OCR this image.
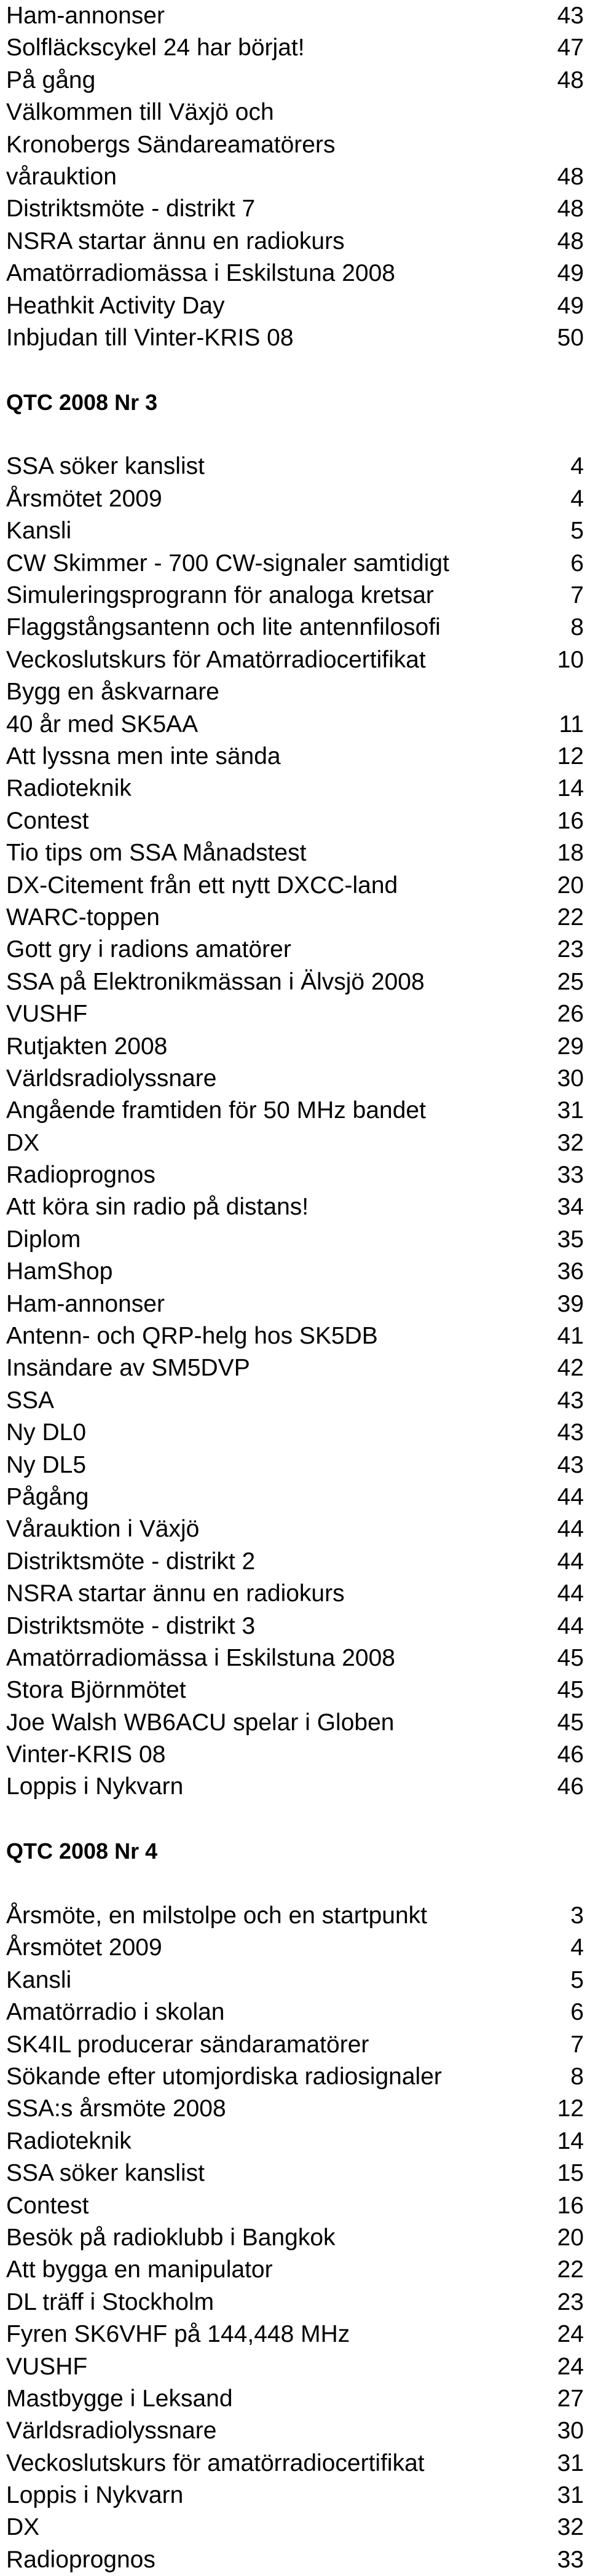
Ham-annonser	43
Solfläckscykel 24 har börjat!	47
På gång	48
Välkommen till Växjö och
Kronobergs Sändareamatörers
vårauktion	48
Distriktsmöte - distrikt 7	48
NSRA startar ännu en radiokurs	48
Amatörradiomässa i Eskilstuna 2008	49
Heathkit Activity Day	49
Inbjudan till Vinter-KRIS 08	50
QTC 2008 Nr 3
SSA söker kanslist	4
Årsmötet 2009	4
Kansli	5
CW Skimmer - 700 CW-signaler samtidigt	6
Simuleringsprogrann för analoga kretsar	7
Flaggstångsantenn och lite antennfilosofi	8
Veckoslutskurs för Amatörradiocertifikat	10
Bygg en åskvarnare
40 år med SK5AA	11
Att lyssna men inte sända	12
Radioteknik	14
Contest	16
Tio tips om SSA Månadstest	18
DX-Citement från ett nytt DXCC-land	20
WARC-toppen	22
Gott gry i radions amatörer	23
SSA på Elektronikmässan i Älvsjö 2008	25
VUSHF	26
Rutjakten 2008	29
Världsradiolyssnare	30
Angående framtiden för 50 MHz bandet	31
DX	32
Radioprognos	33
Att köra sin radio på distans!	34
Diplom	35
HamShop	36
Ham-annonser	39
Antenn- och QRP-helg hos SK5DB	41
Insändare av SM5DVP	42
SSA	43
Ny DL0	43
Ny DL5	43
Pågång	44
Vårauktion i Växjö	44
Distriktsmöte - distrikt 2	44
NSRA startar ännu en radiokurs	44
Distriktsmöte - distrikt 3	44
Amatörradiomässa i Eskilstuna 2008	45
Stora Björnmötet	45
Joe Walsh WB6ACU spelar i Globen	45
Vinter-KRIS 08	46
Loppis i Nykvarn	46
QTC 2008 Nr 4
Årsmöte, en milstolpe och en startpunkt	3
Årsmötet 2009	4
Kansli	5
Amatörradio i skolan	6
SK4IL producerar sändaramatörer	7
Sökande efter utomjordiska radiosignaler	8
SSA:s årsmöte 2008	12
Radioteknik	14
SSA söker kanslist	15
Contest	16
Besök på radioklubb i Bangkok	20
Att bygga en manipulator	22
DL träff i Stockholm	23
Fyren SK6VHF på 144,448 MHz	24
VUSHF	24
Mastbygge i Leksand	27
Världsradiolyssnare	30
Veckoslutskurs för amatörradiocertifikat	31
Loppis i Nykvarn	31
DX	32
Radioprognos	33
